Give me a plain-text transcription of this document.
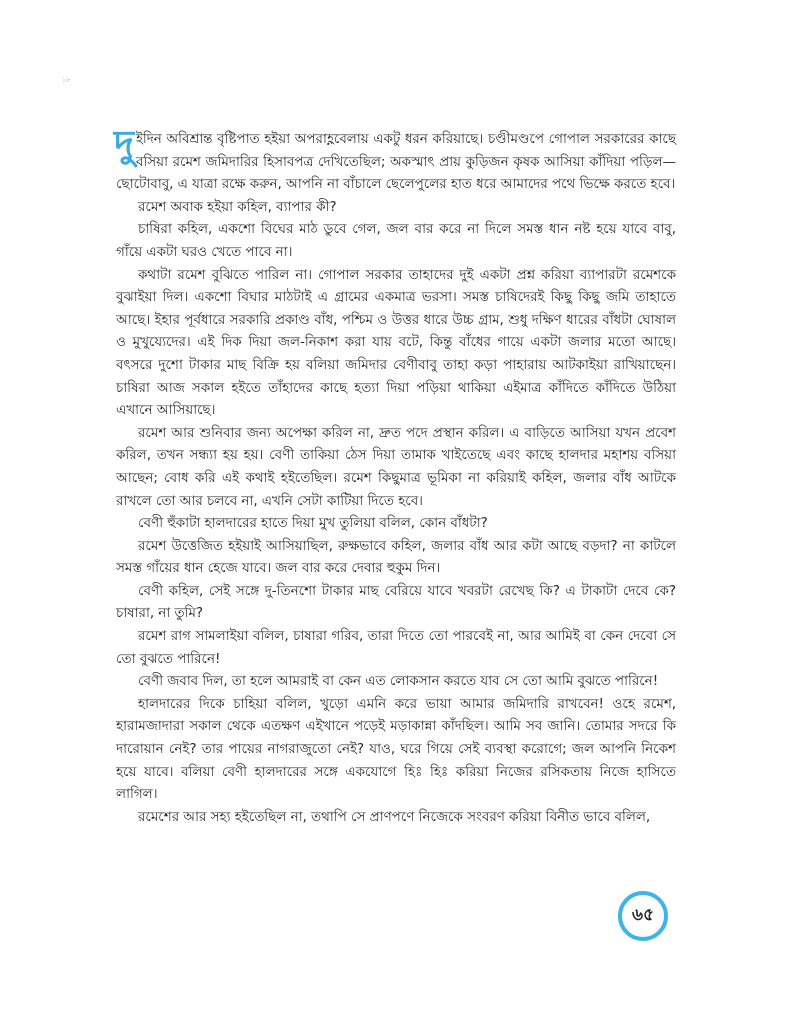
১৮

দুইদিন অবিশ্রান্ত বৃষ্টিপাত হইয়া অপরাহ্ণবেলায় একটু ধরন করিয়াছে। চণ্ডীমণ্ডপে গোপাল সরকারের কাছে বসিয়া রমেশ জমিদারির হিসাবপত্র দেখিতেছিল; অকস্মাৎ প্রায় কুড়িজন কৃষক আসিয়া কাঁদিয়া পড়িল—ছোটোবাবু, এ যাত্রা রক্ষে করুন, আপনি না বাঁচালে ছেলেপুলের হাত ধরে আমাদের পথে ভিক্ষে করতে হবে।

রমেশ অবাক হইয়া কহিল, ব্যাপার কী?

চাষিরা কহিল, একশো বিঘের মাঠ ডুবে গেল, জল বার করে না দিলে সমস্ত ধান নষ্ট হয়ে যাবে বাবু, গাঁয়ে একটা ঘরও খেতে পাবে না।

কথাটা রমেশ বুঝিতে পারিল না। গোপাল সরকার তাহাদের দুই একটা প্রশ্ন করিয়া ব্যাপারটা রমেশকে বুঝাইয়া দিল। একশো বিঘার মাঠটাই এ গ্রামের একমাত্র ভরসা। সমস্ত চাষিদেরই কিছু কিছু জমি তাহাতে আছে। ইহার পূর্বধারে সরকারি প্রকাণ্ড বাঁধ, পশ্চিম ও উত্তর ধারে উচ্চ গ্রাম, শুধু দক্ষিণ ধারের বাঁধটা ঘোষাল ও মুখুয্যেদের। এই দিক দিয়া জল-নিকাশ করা যায় বটে, কিন্তু বাঁধের গায়ে একটা জলার মতো আছে। বৎসরে দুশো টাকার মাছ বিক্রি হয় বলিয়া জমিদার বেণীবাবু তাহা কড়া পাহারায় আটকাইয়া রাখিয়াছেন। চাষিরা আজ সকাল হইতে তাঁহাদের কাছে হত্যা দিয়া পড়িয়া থাকিয়া এইমাত্র কাঁদিতে কাঁদিতে উঠিয়া এখানে আসিয়াছে।

রমেশ আর শুনিবার জন্য অপেক্ষা করিল না, দ্রুত পদে প্রস্থান করিল। এ বাড়িতে আসিয়া যখন প্রবেশ করিল, তখন সন্ধ্যা হয় হয়। বেণী তাকিয়া ঠেস দিয়া তামাক খাইতেছে এবং কাছে হালদার মহাশয় বসিয়া আছেন; বোধ করি এই কথাই হইতেছিল। রমেশ কিছুমাত্র ভূমিকা না করিয়াই কহিল, জলার বাঁধ আটকে রাখলে তো আর চলবে না, এখনি সেটা কাটিয়া দিতে হবে।

বেণী হুঁকাটা হালদারের হাতে দিয়া মুখ তুলিয়া বলিল, কোন বাঁধটা?

রমেশ উত্তেজিত হইয়াই আসিয়াছিল, রুক্ষভাবে কহিল, জলার বাঁধ আর কটা আছে বড়দা? না কাটলে সমস্ত গাঁয়ের ধান হেজে যাবে। জল বার করে দেবার হুকুম দিন।

বেণী কহিল, সেই সঙ্গে দু-তিনশো টাকার মাছ বেরিয়ে যাবে খবরটা রেখেছ কি? এ টাকাটা দেবে কে? চাষারা, না তুমি?

রমেশ রাগ সামলাইয়া বলিল, চাষারা গরিব, তারা দিতে তো পারবেই না, আর আমিই বা কেন দেবো সে তো বুঝতে পারিনে!

বেণী জবাব দিল, তা হলে আমরাই বা কেন এত লোকসান করতে যাব সে তো আমি বুঝতে পারিনে!

হালদারের দিকে চাহিয়া বলিল, খুড়ো এমনি করে ভায়া আমার জমিদারি রাখবেন! ওহে রমেশ, হারামজাদারা সকাল থেকে এতক্ষণ এইখানে পড়েই মড়াকান্না কাঁদছিল। আমি সব জানি। তোমার সদরে কি দারোয়ান নেই? তার পায়ের নাগরাজুতো নেই? যাও, ঘরে গিয়ে সেই ব্যবস্থা করোগে; জল আপনি নিকেশ হয়ে যাবে। বলিয়া বেণী হালদারের সঙ্গে একযোগে হিঃ হিঃ করিয়া নিজের রসিকতায় নিজে হাসিতে লাগিল।

রমেশের আর সহ্য হইতেছিল না, তথাপি সে প্রাণপণে নিজেকে সংবরণ করিয়া বিনীত ভাবে বলিল,

৬৫
